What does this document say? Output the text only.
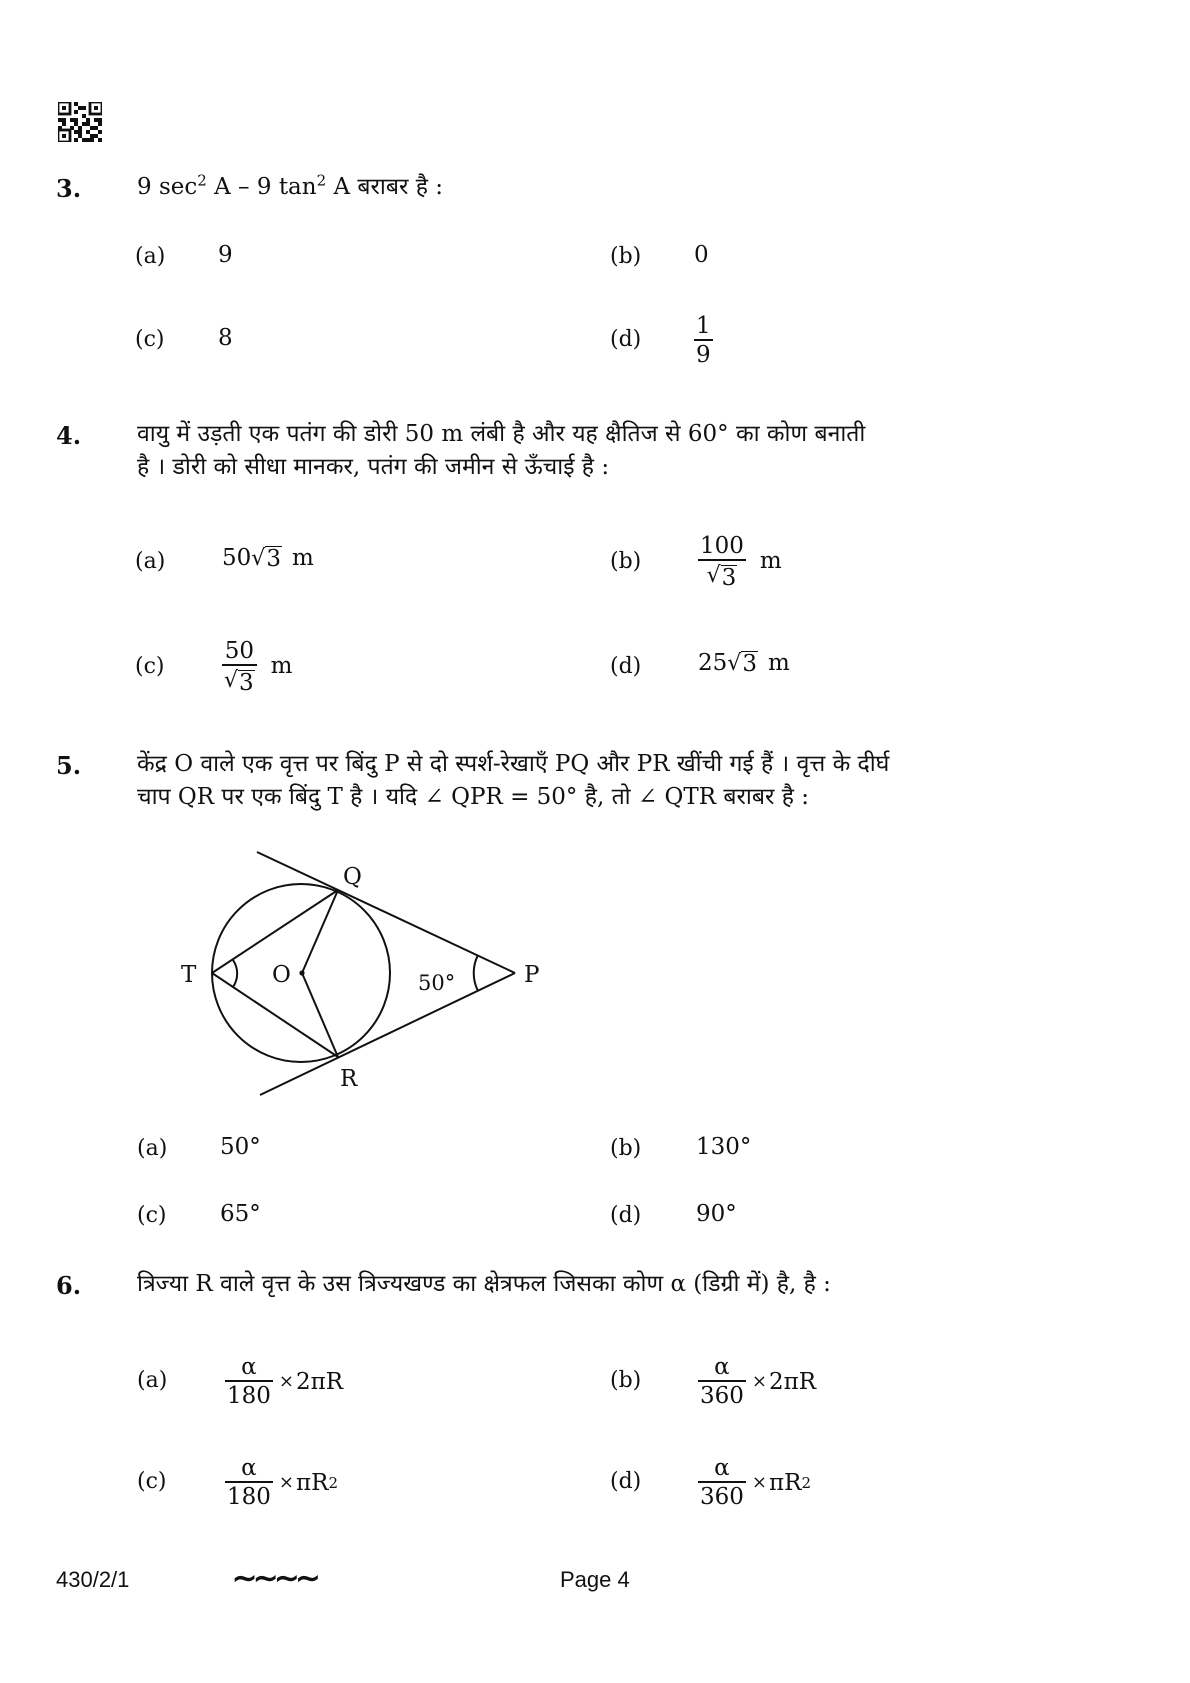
3. 9 $\sec^2 A - 9$ $\tan^2 A$ बराबर है :
(a) 9	(b) 0
(c) 8	$(d) \frac{1}{9}$
4. वायु में उड़ती एक पतंग की डोरी 50 m लंबी है और यह क्षैतिज से 60° का कोण बनाती
है । डोरी को सीधा मानकर, पतंग की जमीन से ऊँचाई है :
(a) 50 √ 3 m	$(b) \frac{100}{√ 3}$ m
(c)	$\frac{50}{√ 3}$ m	(d) 25 √ 3 m
5. केंद्र O वाले एक वृत्त पर बिंदु P से दो स्पर्श-रेखाएँ PQ और PR खींची गई हैं । वृत्त के दीर्घ
चाप QR पर एक बिंदु T है । यदि ∠ QPR = 50° है, तो ∠ QTR बराबर है :
Q
T	O	50°	P
R
(a) 50°	(b) 130°
(c) 65°	(d) 90°
6. त्रिज्या R वाले वृत्त के उस त्रिज्यखण्ड का क्षेत्रफल जिसका कोण α (डिग्री में) है, है :
(a)	$\frac{\alpha}{180} \times 2\pi R$	$(b) \frac{\alpha}{360} \times 2\pi R$
(c)	$\frac{\alpha}{180} \times \pi R$ 2	$(d) \frac{\alpha}{360} \times \pi R$ 2
430/2/1	∼∼∼∼	Page 4
